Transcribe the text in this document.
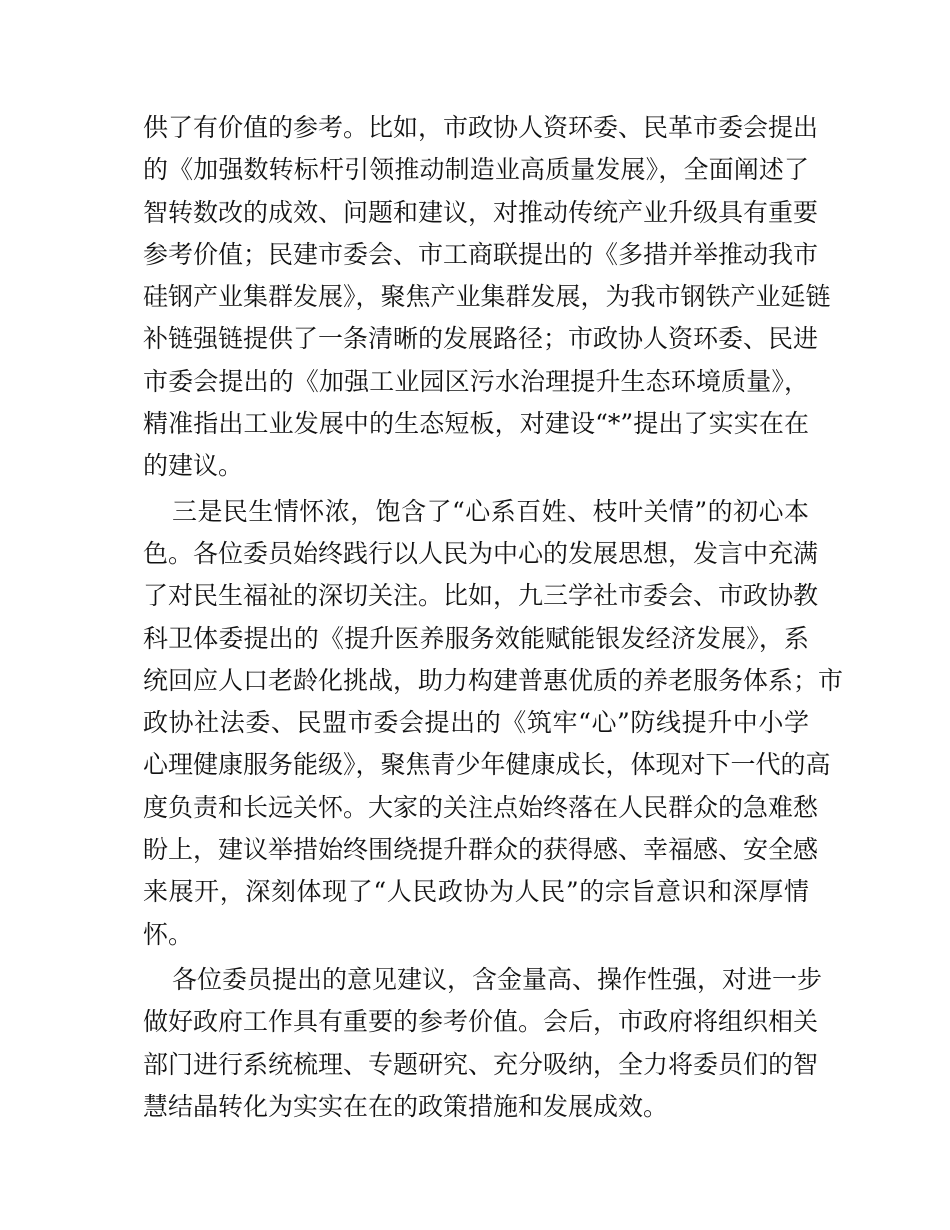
供了有价值的参考。比如，市政协人资环委、民革市委会提出
的《加强数转标杆引领推动制造业高质量发展》，全面阐述了
智转数改的成效、问题和建议，对推动传统产业升级具有重要
参考价值；民建市委会、市工商联提出的《多措并举推动我市
硅钢产业集群发展》，聚焦产业集群发展，为我市钢铁产业延链
补链强链提供了一条清晰的发展路径；市政协人资环委、民进
市委会提出的《加强工业园区污水治理提升生态环境质量》，
精准指出工业发展中的生态短板，对建设“*”提出了实实在在
的建议。
三是民生情怀浓，饱含了“心系百姓、枝叶关情”的初心本
色。各位委员始终践行以人民为中心的发展思想，发言中充满
了对民生福祉的深切关注。比如，九三学社市委会、市政协教
科卫体委提出的《提升医养服务效能赋能银发经济发展》，系
统回应人口老龄化挑战，助力构建普惠优质的养老服务体系；市
政协社法委、民盟市委会提出的《筑牢“心”防线提升中小学
心理健康服务能级》，聚焦青少年健康成长，体现对下一代的高
度负责和长远关怀。大家的关注点始终落在人民群众的急难愁
盼上，建议举措始终围绕提升群众的获得感、幸福感、安全感
来展开，深刻体现了“人民政协为人民”的宗旨意识和深厚情
怀。
各位委员提出的意见建议，含金量高、操作性强，对进一步
做好政府工作具有重要的参考价值。会后，市政府将组织相关
部门进行系统梳理、专题研究、充分吸纳，全力将委员们的智
慧结晶转化为实实在在的政策措施和发展成效。
